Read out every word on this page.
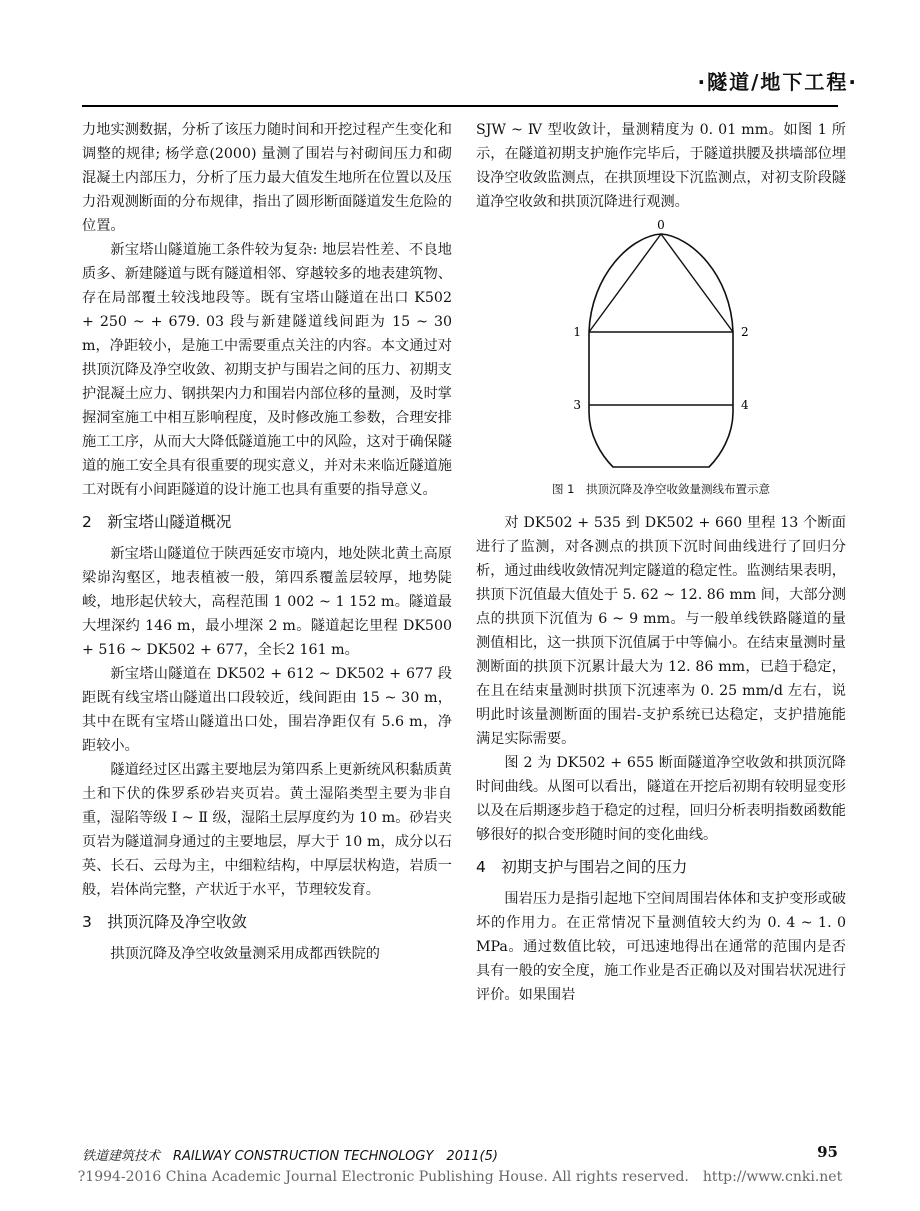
·隧道/地下工程·

力地实测数据，分析了该压力随时间和开挖过程产生变化和调整的规律; 杨学意(2000) 量测了围岩与衬砌间压力和砌混凝土内部压力，分析了压力最大值发生地所在位置以及压力沿观测断面的分布规律，指出了圆形断面隧道发生危险的位置。

新宝塔山隧道施工条件较为复杂: 地层岩性差、不良地质多、新建隧道与既有隧道相邻、穿越较多的地表建筑物、存在局部覆土较浅地段等。既有宝塔山隧道在出口 K502 + 250 ~ + 679. 03 段与新建隧道线间距为 15 ~ 30 m，净距较小，是施工中需要重点关注的内容。本文通过对拱顶沉降及净空收敛、初期支护与围岩之间的压力、初期支护混凝土应力、钢拱架内力和围岩内部位移的量测，及时掌握洞室施工中相互影响程度，及时修改施工参数，合理安排施工工序，从而大大降低隧道施工中的风险，这对于确保隧道的施工安全具有很重要的现实意义，并对未来临近隧道施工对既有小间距隧道的设计施工也具有重要的指导意义。

2　新宝塔山隧道概况

新宝塔山隧道位于陕西延安市境内，地处陕北黄土高原梁峁沟壑区，地表植被一般，第四系覆盖层较厚，地势陡峻，地形起伏较大，高程范围 1 002 ~ 1 152 m。隧道最大埋深约 146 m，最小埋深 2 m。隧道起讫里程 DK500 + 516 ~ DK502 + 677，全长2 161 m。

新宝塔山隧道在 DK502 + 612 ~ DK502 + 677 段距既有线宝塔山隧道出口段较近，线间距由 15 ~ 30 m，其中在既有宝塔山隧道出口处，围岩净距仅有 5.6 m，净距较小。

隧道经过区出露主要地层为第四系上更新统风积黏质黄土和下伏的侏罗系砂岩夹页岩。黄土湿陷类型主要为非自重，湿陷等级 Ⅰ ~ Ⅱ 级，湿陷土层厚度约为 10 m。砂岩夹页岩为隧道洞身通过的主要地层，厚大于 10 m，成分以石英、长石、云母为主，中细粒结构，中厚层状构造，岩质一般，岩体尚完整，产状近于水平，节理较发育。

3　拱顶沉降及净空收敛

拱顶沉降及净空收敛量测采用成都西铁院的

SJW ~ Ⅳ 型收敛计，量测精度为 0. 01 mm。如图 1 所示，在隧道初期支护施作完毕后，于隧道拱腰及拱墙部位埋设净空收敛监测点，在拱顶埋设下沉监测点，对初支阶段隧道净空收敛和拱顶沉降进行观测。

0
1	2
3	4
图 1　拱顶沉降及净空收敛量测线布置示意

对 DK502 + 535 到 DK502 + 660 里程 13 个断面进行了监测，对各测点的拱顶下沉时间曲线进行了回归分析，通过曲线收敛情况判定隧道的稳定性。监测结果表明，拱顶下沉值最大值处于 5. 62 ~ 12. 86 mm 间，大部分测点的拱顶下沉值为 6 ~ 9 mm。与一般单线铁路隧道的量测值相比，这一拱顶下沉值属于中等偏小。在结束量测时量测断面的拱顶下沉累计最大为 12. 86 mm，已趋于稳定，在且在结束量测时拱顶下沉速率为 0. 25 mm/d 左右，说明此时该量测断面的围岩-支护系统已达稳定，支护措施能满足实际需要。

图 2 为 DK502 + 655 断面隧道净空收敛和拱顶沉降时间曲线。从图可以看出，隧道在开挖后初期有较明显变形以及在后期逐步趋于稳定的过程，回归分析表明指数函数能够很好的拟合变形随时间的变化曲线。

4　初期支护与围岩之间的压力

围岩压力是指引起地下空间周围岩体体和支护变形或破坏的作用力。在正常情况下量测值较大约为 0. 4 ~ 1. 0 MPa。通过数值比较，可迅速地得出在通常的范围内是否具有一般的安全度，施工作业是否正确以及对围岩状况进行评价。如果围岩

铁道建筑技术　RAILWAY CONSTRUCTION TECHNOLOGY　2011(5)	95
?1994-2016 China Academic Journal Electronic Publishing House. All rights reserved.　http://www.cnki.net
